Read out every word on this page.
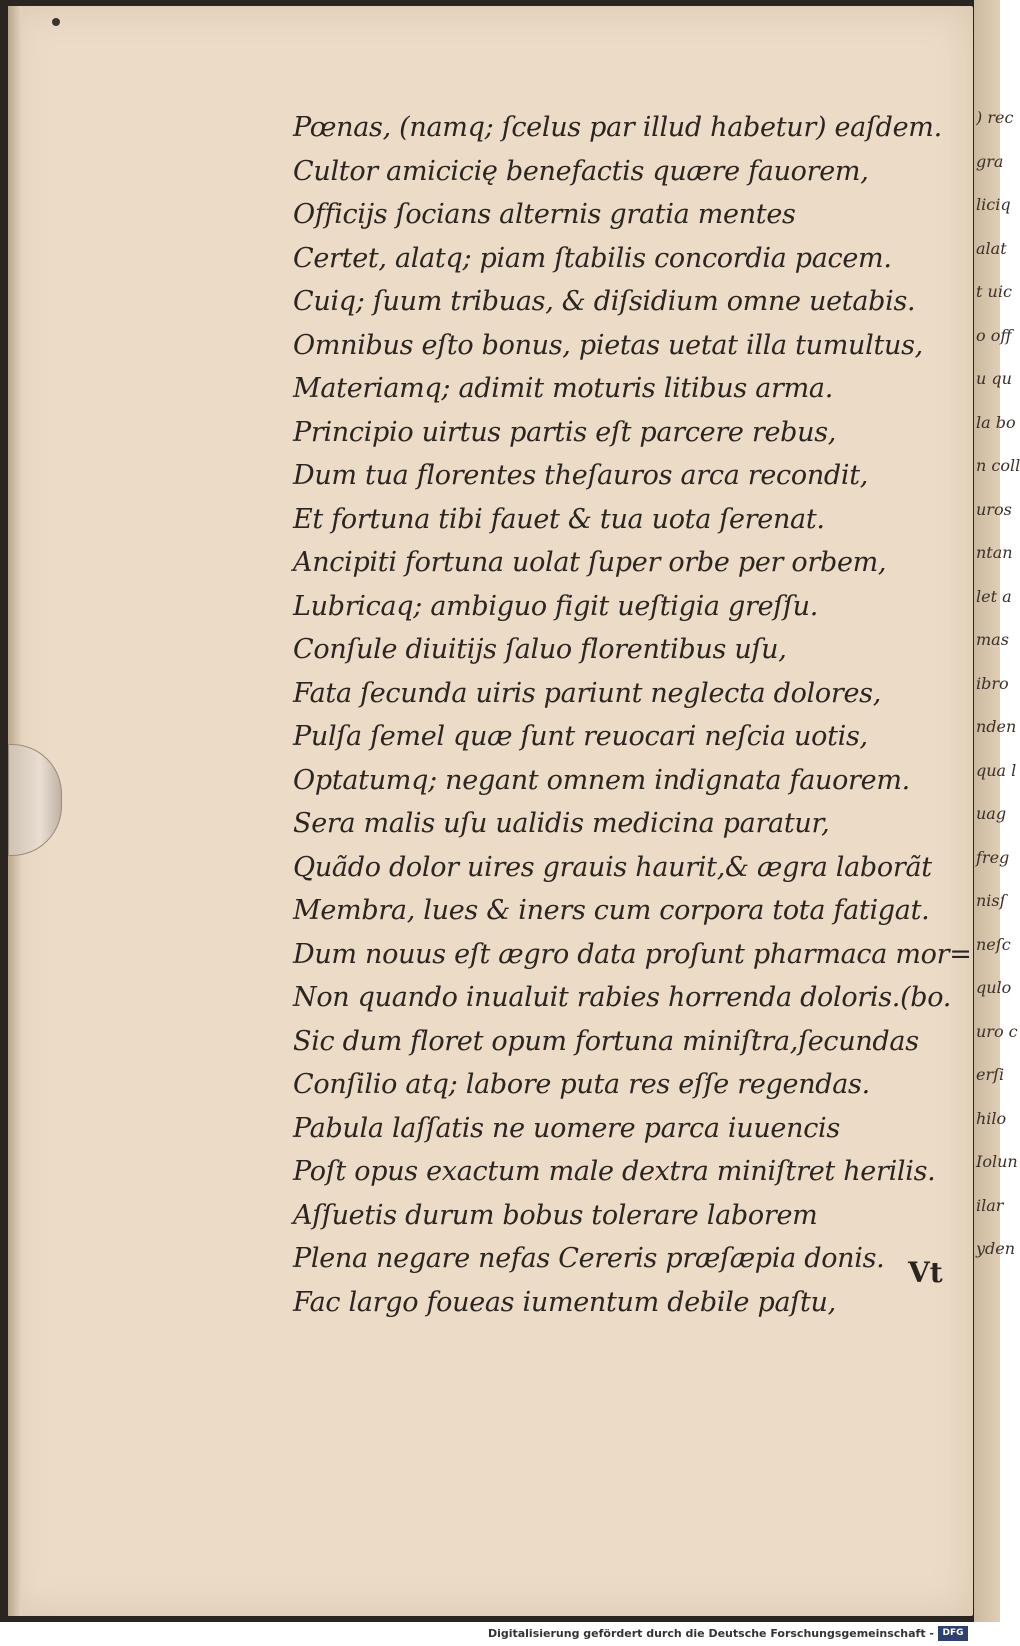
) rec
gra
liciq
alat
t uic
o off
u qu
la bo
n coll
uros
ntan
let a
mas
ibro
nden
qua l
uag
freg
nisſ
neſc
qulo
uro c
erſi
hilo
Iolun
ilar
yden
Pœnas, (namq; ſcelus par illud habetur) eaſdem.
Cultor amicicię benefactis quære fauorem,
Officijs ſocians alternis gratia mentes
Certet, alatq; piam ſtabilis concordia pacem.
Cuiq; ſuum tribuas, & diſsidium omne uetabis.
Omnibus eſto bonus, pietas uetat illa tumultus,
Materiamq; adimit moturis litibus arma.
Principio uirtus partis eſt parcere rebus,
Dum tua florentes theſauros arca recondit,
Et fortuna tibi fauet & tua uota ſerenat.
Ancipiti fortuna uolat ſuper orbe per orbem,
Lubricaq; ambiguo figit ueſtigia greſſu.
Conſule diuitijs ſaluo florentibus uſu,
Fata ſecunda uiris pariunt neglecta dolores,
Pulſa ſemel quæ ſunt reuocari neſcia uotis,
Optatumq; negant omnem indignata fauorem.
Sera malis uſu ualidis medicina paratur,
Quãdo dolor uires grauis haurit,& ægra laborãt
Membra, lues & iners cum corpora tota fatigat.
Dum nouus eſt ægro data proſunt pharmaca mor=
Non quando inualuit rabies horrenda doloris.(bo.
Sic dum floret opum fortuna miniſtra,ſecundas
Conſilio atq; labore puta res eſſe regendas.
Pabula laſſatis ne uomere parca iuuencis
Poſt opus exactum male dextra miniſtret herilis.
Aſſuetis durum bobus tolerare laborem
Plena negare nefas Cereris præſæpia donis.
Fac largo foueas iumentum debile paſtu,
Vt
Digitalisierung gefördert durch die Deutsche Forschungsgemeinschaft - DFG
